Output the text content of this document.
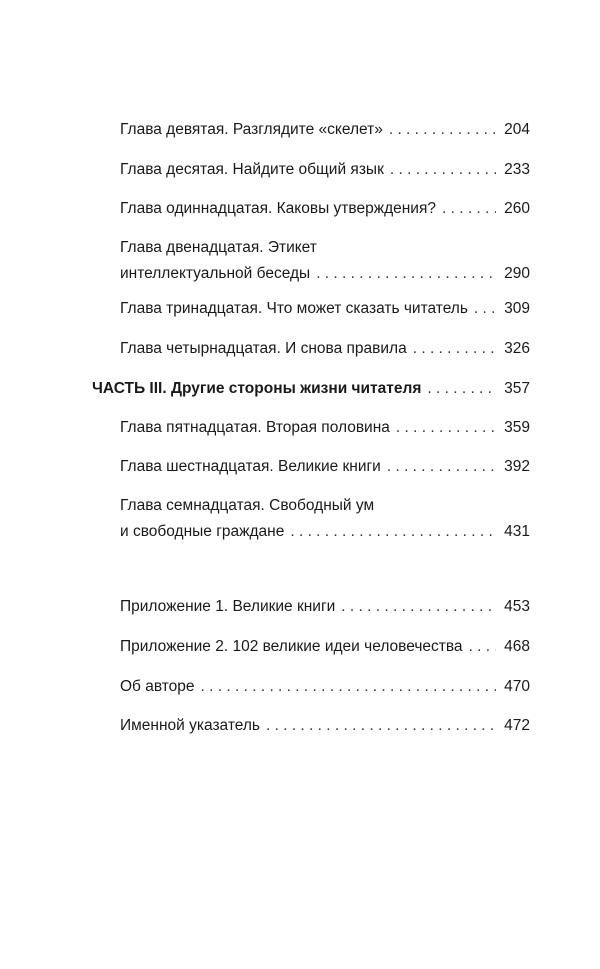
Глава девятая. Разглядите «скелет» . . .	204
Глава десятая. Найдите общий язык . . .	233
Глава одиннадцатая. Каковы утверждения? . . .	260
Глава двенадцатая. Этикет
интеллектуальной беседы . . .	290
Глава тринадцатая. Что может сказать читатель . . . 309
Глава четырнадцатая. И снова правила . . .	326
ЧАСТЬ III. Другие стороны жизни читателя . . .	357
Глава пятнадцатая. Вторая половина . . .	359
Глава шестнадцатая. Великие книги . . .	392
Глава семнадцатая. Свободный ум
и свободные граждане . . .	431
Приложение 1. Великие книги . . .	453
Приложение 2. 102 великие идеи человечества . . .	468
Об авторе . . .	470
Именной указатель . . .	472
